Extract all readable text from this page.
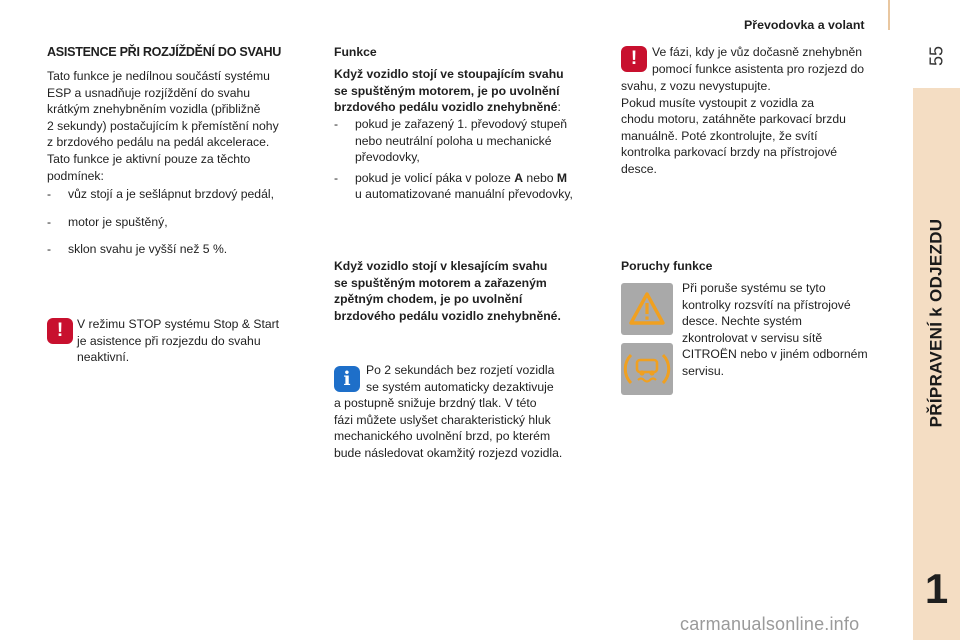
Převodovka a volant
55
PŘÍPRAVENÍ k ODJEZDU
1
ASISTENCE PŘI ROZJÍŽDĚNÍ DO SVAHU
Tato funkce je nedílnou součástí systému
ESP a usnadňuje rozjíždění do svahu
krátkým znehybněním vozidla (přibližně
2 sekundy) postačujícím k přemístění nohy
z brzdového pedálu na pedál akcelerace.
Tato funkce je aktivní pouze za těchto
podmínek:
- vůz stojí a je sešlápnut brzdový pedál,
- motor je spuštěný,
- sklon svahu je vyšší než 5 %.
!	V režimu STOP systému Stop & Start
je asistence při rozjezdu do svahu
neaktivní.
Funkce
Když vozidlo stojí ve stoupajícím svahu
se spuštěným motorem, je po uvolnění
brzdového pedálu vozidlo znehybněné:
- pokud je zařazený 1. převodový stupeň
nebo neutrální poloha u mechanické
převodovky,
- pokud je volicí páka v poloze A nebo M
u automatizované manuální převodovky,
Když vozidlo stojí v klesajícím svahu
se spuštěným motorem a zařazeným
zpětným chodem, je po uvolnění
brzdového pedálu vozidlo znehybněné.
i	Po 2 sekundách bez rozjetí vozidla
se systém automaticky dezaktivuje
a postupně snižuje brzdný tlak. V této
fázi můžete uslyšet charakteristický hluk
mechanického uvolnění brzd, po kterém
bude následovat okamžitý rozjezd vozidla.
!	Ve fázi, kdy je vůz dočasně znehybněn
pomocí funkce asistenta pro rozjezd do
svahu, z vozu nevystupujte.
Pokud musíte vystoupit z vozidla za
chodu motoru, zatáhněte parkovací brzdu
manuálně. Poté zkontrolujte, že svítí
kontrolka parkovací brzdy na přístrojové
desce.
Poruchy funkce
Při poruše systému se tyto
kontrolky rozsvítí na přístrojové
desce. Nechte systém
zkontrolovat v servisu sítě
CITROËN nebo v jiném odborném
servisu.
carmanualsonline.info
